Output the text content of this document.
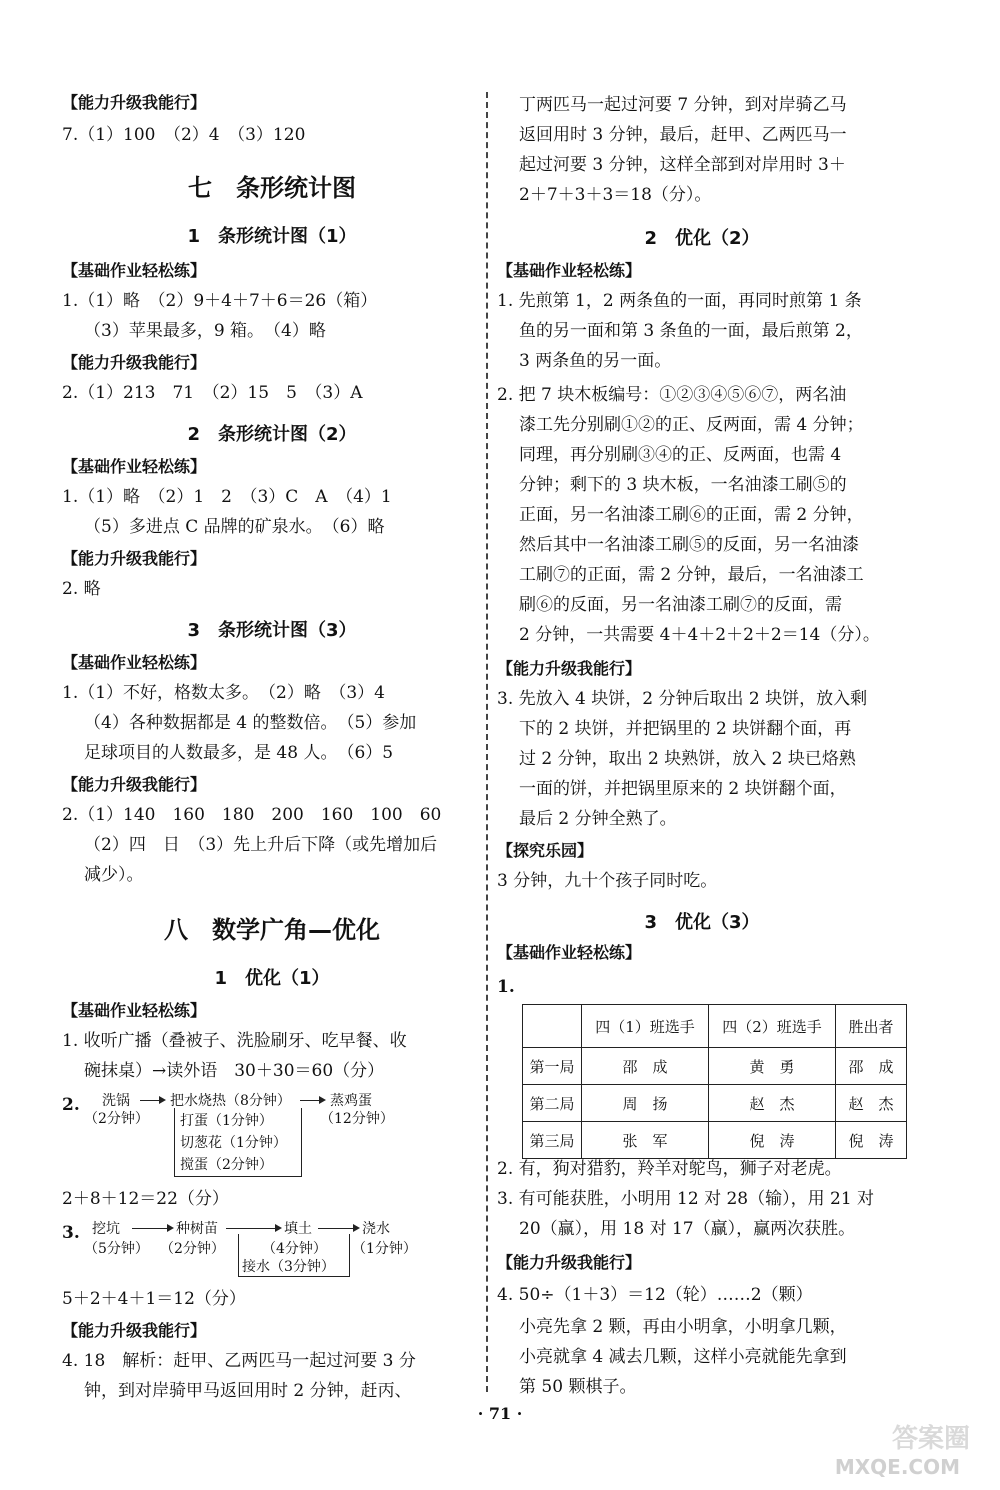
【能力升级我能行】
7.（1）100　（2）4　（3）120
七　条形统计图
1　条形统计图（1）
【基础作业轻松练】
1.（1）略　（2）9＋4＋7＋6＝26（箱）
（3）苹果最多，9 箱。　（4）略
【能力升级我能行】
2.（1）213　71　（2）15　5　（3）A
2　条形统计图（2）
【基础作业轻松练】
1.（1）略　（2）1　2　（3）C　A　（4）1
（5）多进点 C 品牌的矿泉水。　（6）略
【能力升级我能行】
2. 略
3　条形统计图（3）
【基础作业轻松练】
1.（1）不好，格数太多。　（2）略　（3）4
（4）各种数据都是 4 的整数倍。　（5）参加
足球项目的人数最多，是 48 人。　（6）5
【能力升级我能行】
2.（1）140　160　180　200　160　100　60
（2）四　日　（3）先上升后下降（或先增加后
减少）。
八　数学广角—优化
1　优化（1）
【基础作业轻松练】
1. 收听广播（叠被子、洗脸刷牙、吃早餐、收
碗抹桌）→读外语　30＋30＝60（分）
2. 洗锅
（2分钟）
把水烧热（8分钟）	蒸鸡蛋
（12分钟）
打蛋（1分钟）
切葱花（1分钟）
搅蛋（2分钟）
2＋8＋12＝22（分）
3. 挖坑
（5分钟）
种树苗
（2分钟）
填土
（4分钟）
浇水
（1分钟）
接水（3分钟）
5＋2＋4＋1＝12（分）
【能力升级我能行】
4. 18　解析：赶甲、乙两匹马一起过河要 3 分
钟，到对岸骑甲马返回用时 2 分钟，赶丙、
丁两匹马一起过河要 7 分钟，到对岸骑乙马
返回用时 3 分钟，最后，赶甲、乙两匹马一
起过河要 3 分钟，这样全部到对岸用时 3＋
2＋7＋3＋3＝18（分）。
2　优化（2）
【基础作业轻松练】
1. 先煎第 1，2 两条鱼的一面，再同时煎第 1 条
鱼的另一面和第 3 条鱼的一面，最后煎第 2，
3 两条鱼的另一面。
2. 把 7 块木板编号：①②③④⑤⑥⑦，两名油
漆工先分别刷①②的正、反两面，需 4 分钟；
同理，再分别刷③④的正、反两面，也需 4
分钟；剩下的 3 块木板，一名油漆工刷⑤的
正面，另一名油漆工刷⑥的正面，需 2 分钟，
然后其中一名油漆工刷⑤的反面，另一名油漆
工刷⑦的正面，需 2 分钟，最后，一名油漆工
刷⑥的反面，另一名油漆工刷⑦的反面，需
2 分钟，一共需要 4＋4＋2＋2＋2＝14（分）。
【能力升级我能行】
3. 先放入 4 块饼，2 分钟后取出 2 块饼，放入剩
下的 2 块饼，并把锅里的 2 块饼翻个面，再
过 2 分钟，取出 2 块熟饼，放入 2 块已烙熟
一面的饼，并把锅里原来的 2 块饼翻个面，
最后 2 分钟全熟了。
【探究乐园】
3 分钟，九十个孩子同时吃。
3　优化（3）
【基础作业轻松练】
1.
	四（1）班选手	四（2）班选手	胜出者
第一局	邵　成	黄　勇	邵　成
第二局	周　扬	赵　杰	赵　杰
第三局	张　军	倪　涛	倪　涛
2. 有，狗对猎豹，羚羊对鸵鸟，狮子对老虎。
3. 有可能获胜，小明用 12 对 28（输），用 21 对
20（赢），用 18 对 17（赢），赢两次获胜。
【能力升级我能行】
4. 50÷（1＋3）＝12（轮）……2（颗）
小亮先拿 2 颗，再由小明拿，小明拿几颗，
小亮就拿 4 减去几颗，这样小亮就能先拿到
第 50 颗棋子。
· 71 ·
答案圈
MXQE.COM
